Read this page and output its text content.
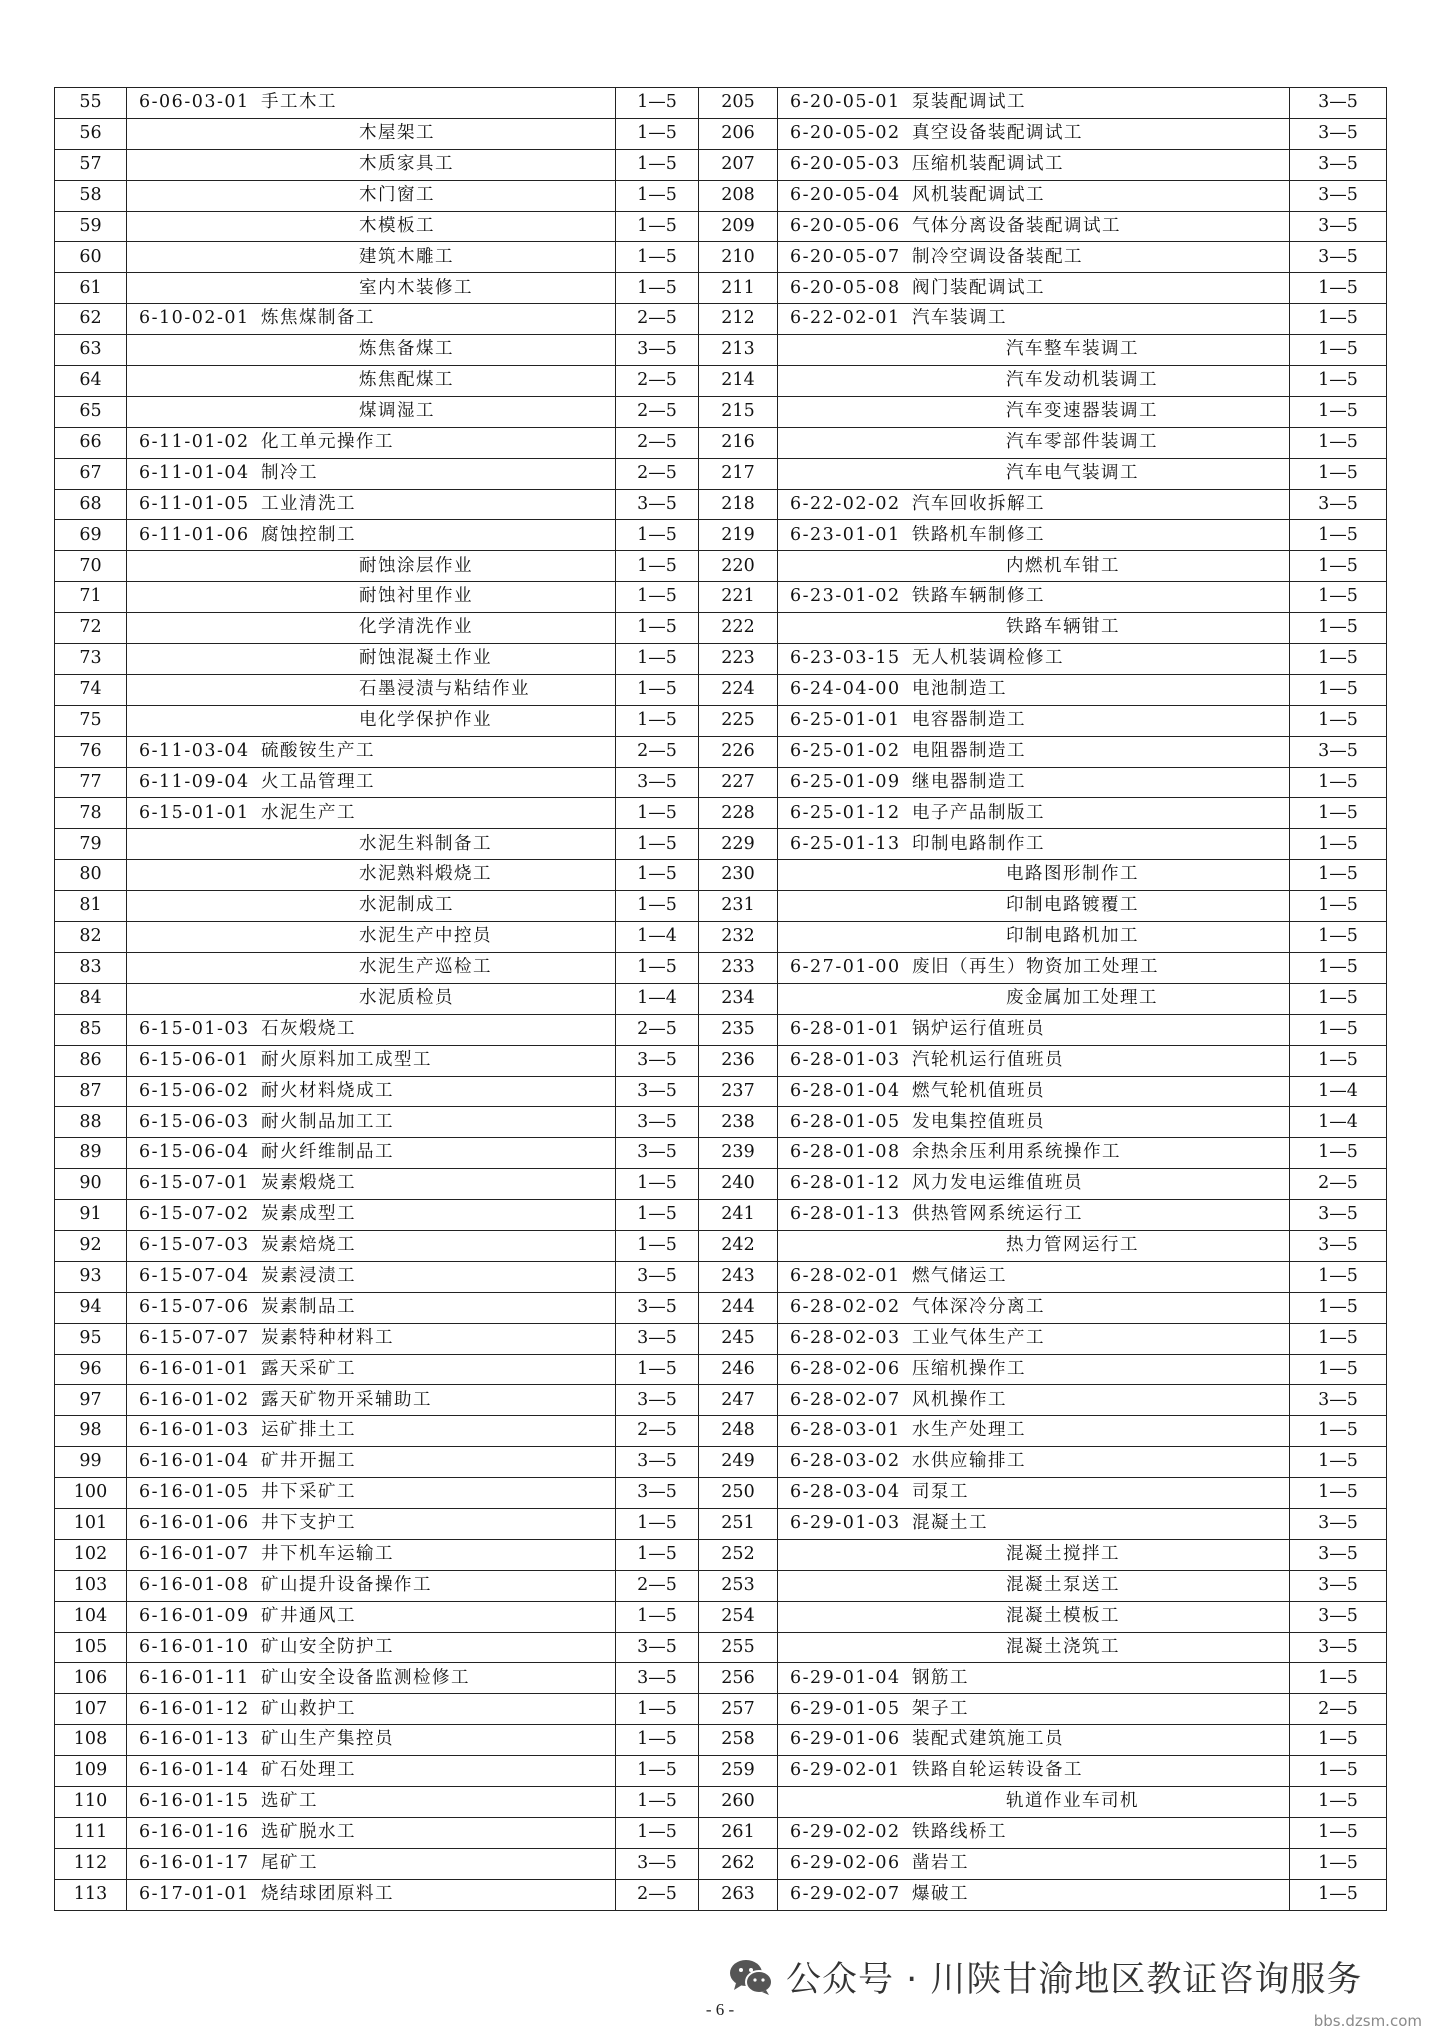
55	6-06-03-01 手工木工	1—5	205	6-20-05-01 泵装配调试工	3—5
56	木屋架工	1—5	206	6-20-05-02 真空设备装配调试工	3—5
57	木质家具工	1—5	207	6-20-05-03 压缩机装配调试工	3—5
58	木门窗工	1—5	208	6-20-05-04 风机装配调试工	3—5
59	木模板工	1—5	209	6-20-05-06 气体分离设备装配调试工	3—5
60	建筑木雕工	1—5	210	6-20-05-07 制冷空调设备装配工	3—5
61	室内木装修工	1—5	211	6-20-05-08 阀门装配调试工	1—5
62	6-10-02-01 炼焦煤制备工	2—5	212	6-22-02-01 汽车装调工	1—5
63	炼焦备煤工	3—5	213	汽车整车装调工	1—5
64	炼焦配煤工	2—5	214	汽车发动机装调工	1—5
65	煤调湿工	2—5	215	汽车变速器装调工	1—5
66	6-11-01-02 化工单元操作工	2—5	216	汽车零部件装调工	1—5
67	6-11-01-04 制冷工	2—5	217	汽车电气装调工	1—5
68	6-11-01-05 工业清洗工	3—5	218	6-22-02-02 汽车回收拆解工	3—5
69	6-11-01-06 腐蚀控制工	1—5	219	6-23-01-01 铁路机车制修工	1—5
70	耐蚀涂层作业	1—5	220	内燃机车钳工	1—5
71	耐蚀衬里作业	1—5	221	6-23-01-02 铁路车辆制修工	1—5
72	化学清洗作业	1—5	222	铁路车辆钳工	1—5
73	耐蚀混凝土作业	1—5	223	6-23-03-15 无人机装调检修工	1—5
74	石墨浸渍与粘结作业	1—5	224	6-24-04-00 电池制造工	1—5
75	电化学保护作业	1—5	225	6-25-01-01 电容器制造工	1—5
76	6-11-03-04 硫酸铵生产工	2—5	226	6-25-01-02 电阻器制造工	3—5
77	6-11-09-04 火工品管理工	3—5	227	6-25-01-09 继电器制造工	1—5
78	6-15-01-01 水泥生产工	1—5	228	6-25-01-12 电子产品制版工	1—5
79	水泥生料制备工	1—5	229	6-25-01-13 印制电路制作工	1—5
80	水泥熟料煅烧工	1—5	230	电路图形制作工	1—5
81	水泥制成工	1—5	231	印制电路镀覆工	1—5
82	水泥生产中控员	1—4	232	印制电路机加工	1—5
83	水泥生产巡检工	1—5	233	6-27-01-00 废旧（再生）物资加工处理工	1—5
84	水泥质检员	1—4	234	废金属加工处理工	1—5
85	6-15-01-03 石灰煅烧工	2—5	235	6-28-01-01 锅炉运行值班员	1—5
86	6-15-06-01 耐火原料加工成型工	3—5	236	6-28-01-03 汽轮机运行值班员	1—5
87	6-15-06-02 耐火材料烧成工	3—5	237	6-28-01-04 燃气轮机值班员	1—4
88	6-15-06-03 耐火制品加工工	3—5	238	6-28-01-05 发电集控值班员	1—4
89	6-15-06-04 耐火纤维制品工	3—5	239	6-28-01-08 余热余压利用系统操作工	1—5
90	6-15-07-01 炭素煅烧工	1—5	240	6-28-01-12 风力发电运维值班员	2—5
91	6-15-07-02 炭素成型工	1—5	241	6-28-01-13 供热管网系统运行工	3—5
92	6-15-07-03 炭素焙烧工	1—5	242	热力管网运行工	3—5
93	6-15-07-04 炭素浸渍工	3—5	243	6-28-02-01 燃气储运工	1—5
94	6-15-07-06 炭素制品工	3—5	244	6-28-02-02 气体深冷分离工	1—5
95	6-15-07-07 炭素特种材料工	3—5	245	6-28-02-03 工业气体生产工	1—5
96	6-16-01-01 露天采矿工	1—5	246	6-28-02-06 压缩机操作工	1—5
97	6-16-01-02 露天矿物开采辅助工	3—5	247	6-28-02-07 风机操作工	3—5
98	6-16-01-03 运矿排土工	2—5	248	6-28-03-01 水生产处理工	1—5
99	6-16-01-04 矿井开掘工	3—5	249	6-28-03-02 水供应输排工	1—5
100	6-16-01-05 井下采矿工	3—5	250	6-28-03-04 司泵工	1—5
101	6-16-01-06 井下支护工	1—5	251	6-29-01-03 混凝土工	3—5
102	6-16-01-07 井下机车运输工	1—5	252	混凝土搅拌工	3—5
103	6-16-01-08 矿山提升设备操作工	2—5	253	混凝土泵送工	3—5
104	6-16-01-09 矿井通风工	1—5	254	混凝土模板工	3—5
105	6-16-01-10 矿山安全防护工	3—5	255	混凝土浇筑工	3—5
106	6-16-01-11 矿山安全设备监测检修工	3—5	256	6-29-01-04 钢筋工	1—5
107	6-16-01-12 矿山救护工	1—5	257	6-29-01-05 架子工	2—5
108	6-16-01-13 矿山生产集控员	1—5	258	6-29-01-06 装配式建筑施工员	1—5
109	6-16-01-14 矿石处理工	1—5	259	6-29-02-01 铁路自轮运转设备工	1—5
110	6-16-01-15 选矿工	1—5	260	轨道作业车司机	1—5
111	6-16-01-16 选矿脱水工	1—5	261	6-29-02-02 铁路线桥工	1—5
112	6-16-01-17 尾矿工	3—5	262	6-29-02-06 凿岩工	1—5
113	6-17-01-01 烧结球团原料工	2—5	263	6-29-02-07 爆破工	1—5
公众号 · 川陕甘渝地区教证咨询服务
- 6 -
bbs.dzsm.com
